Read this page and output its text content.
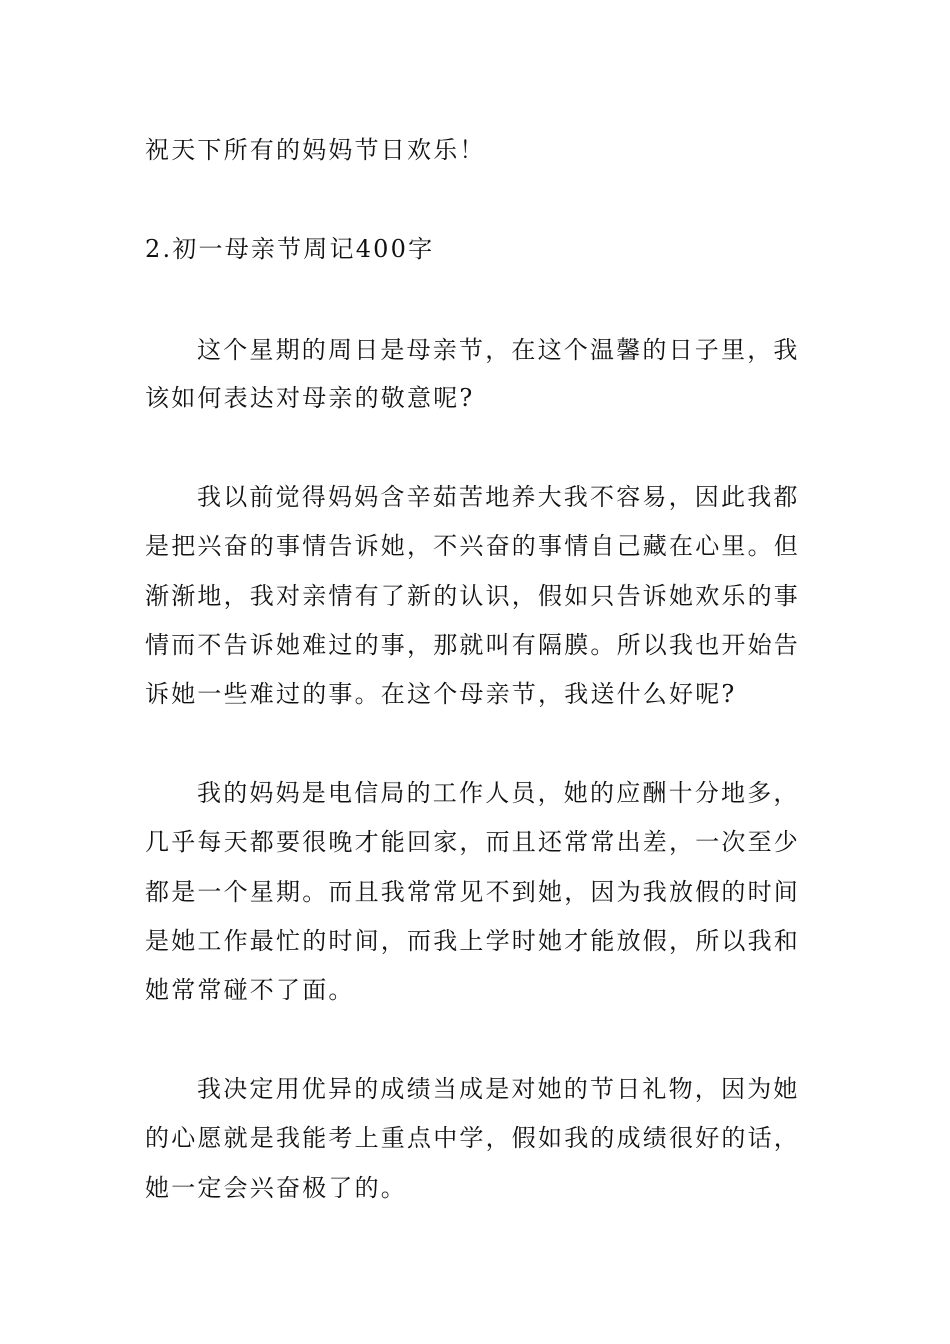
祝天下所有的妈妈节日欢乐！
2.初一母亲节周记400字
这个星期的周日是母亲节，在这个温馨的日子里，我
该如何表达对母亲的敬意呢?
我以前觉得妈妈含辛茹苦地养大我不容易，因此我都
是把兴奋的事情告诉她，不兴奋的事情自己藏在心里。但
渐渐地，我对亲情有了新的认识，假如只告诉她欢乐的事
情而不告诉她难过的事，那就叫有隔膜。所以我也开始告
诉她一些难过的事。在这个母亲节，我送什么好呢?
我的妈妈是电信局的工作人员，她的应酬十分地多，
几乎每天都要很晚才能回家，而且还常常出差，一次至少
都是一个星期。而且我常常见不到她，因为我放假的时间
是她工作最忙的时间，而我上学时她才能放假，所以我和
她常常碰不了面。
我决定用优异的成绩当成是对她的节日礼物，因为她
的心愿就是我能考上重点中学，假如我的成绩很好的话，
她一定会兴奋极了的。
